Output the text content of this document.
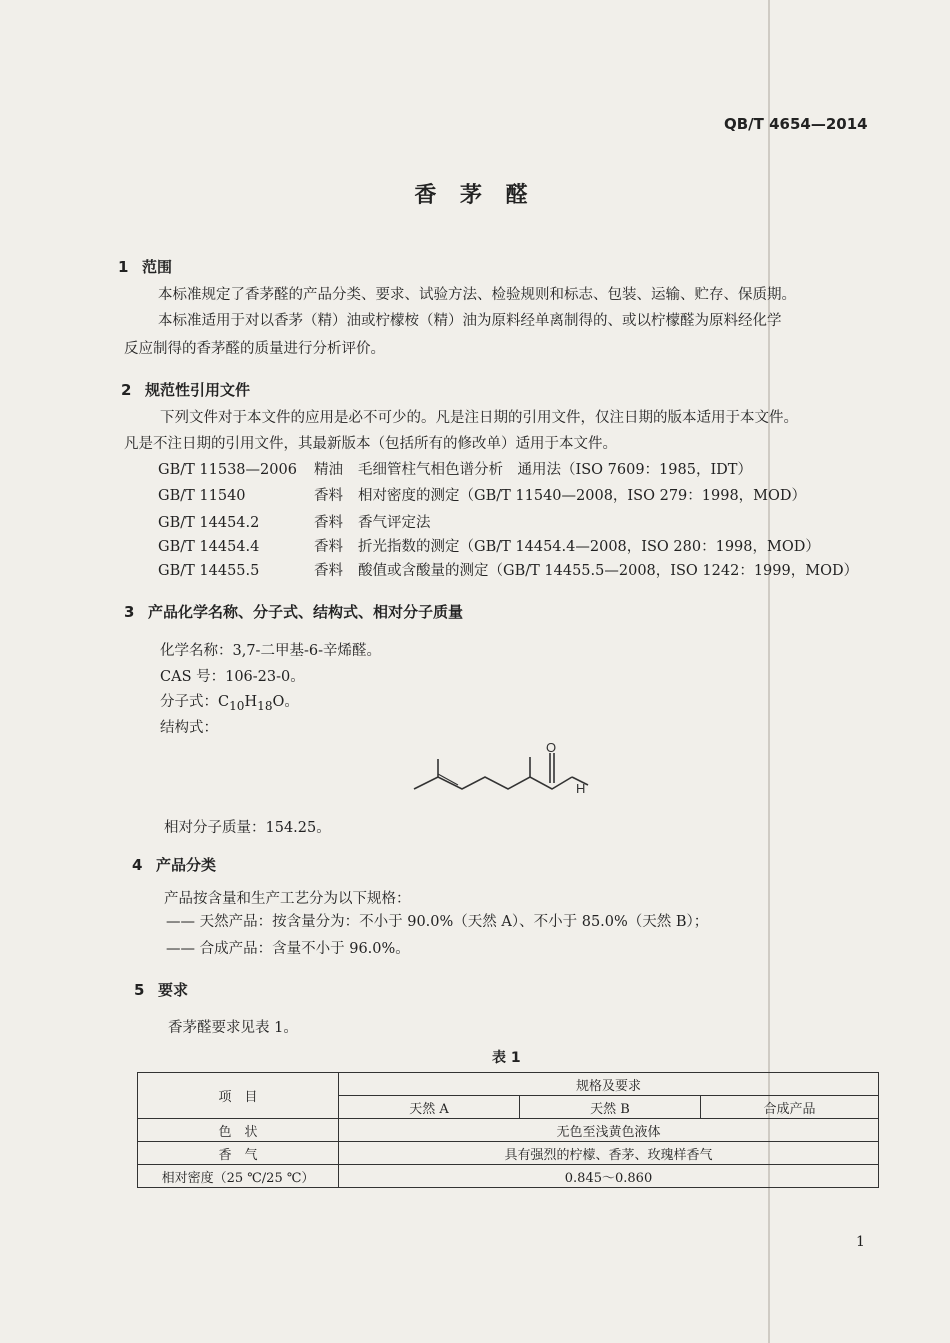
QB/T 4654—2014
香 茅 醛
1 范围
本标准规定了香茅醛的产品分类、要求、试验方法、检验规则和标志、包装、运输、贮存、保质期。
本标准适用于对以香茅（精）油或柠檬桉（精）油为原料经单离制得的、或以柠檬醛为原料经化学
反应制得的香茅醛的质量进行分析评价。
2 规范性引用文件
下列文件对于本文件的应用是必不可少的。凡是注日期的引用文件，仅注日期的版本适用于本文件。
凡是不注日期的引用文件，其最新版本（包括所有的修改单）适用于本文件。
GB/T 11538—2006 精油 毛细管柱气相色谱分析　通用法（ISO 7609：1985，IDT）
GB/T 11540	香料 相对密度的测定（GB/T 11540—2008，ISO 279：1998，MOD）
GB/T 14454.2	香料 香气评定法
GB/T 14454.4	香料 折光指数的测定（GB/T 14454.4—2008，ISO 280：1998，MOD）
GB/T 14455.5	香料 酸值或含酸量的测定（GB/T 14455.5—2008，ISO 1242：1999，MOD）
3 产品化学名称、分子式、结构式、相对分子质量
化学名称：3,7-二甲基-6-辛烯醛。
CAS 号：106-23-0。
分子式：$C_{10}H_{18}O$。
结构式：
O
H
相对分子质量：154.25。
4 产品分类
产品按含量和生产工艺分为以下规格：
—— 天然产品：按含量分为：不小于 90.0%（天然 A）、不小于 85.0%（天然 B）；
—— 合成产品：含量不小于 96.0%。
5 要求
香茅醛要求见表 1。
表 1
项　目	规格及要求		
	天然 A	天然 B	合成产品
色　状	无色至浅黄色液体		
香　气	具有强烈的柠檬、香茅、玫瑰样香气		
相对密度（25 ℃/25 ℃）	0.845～0.860		
1
